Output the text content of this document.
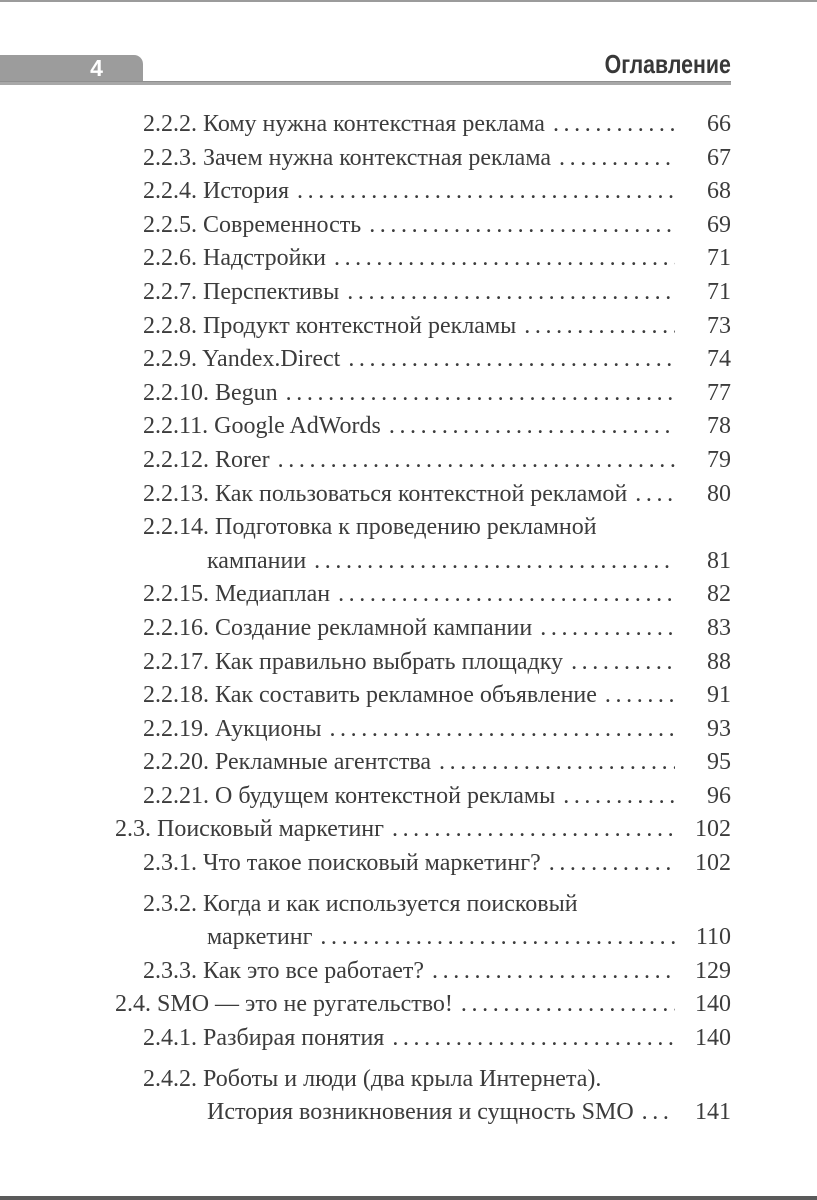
4	Оглавление
2.2.2. Кому нужна контекстная реклама .....	66
2.2.3. Зачем нужна контекстная реклама .....	67
2.2.4. История .....	68
2.2.5. Современность .....	69
2.2.6. Надстройки .....	71
2.2.7. Перспективы .....	71
2.2.8. Продукт контекстной рекламы .....	73
2.2.9. Yandex.Direct .....	74
2.2.10. Begun .....	77
2.2.11. Google AdWords .....	78
2.2.12. Rorer .....	79
2.2.13. Как пользоваться контекстной рекламой .....	80
2.2.14. Подготовка к проведению рекламной
кампании .....	81
2.2.15. Медиаплан .....	82
2.2.16. Создание рекламной кампании .....	83
2.2.17. Как правильно выбрать площадку .....	88
2.2.18. Как составить рекламное объявление .....	91
2.2.19. Аукционы .....	93
2.2.20. Рекламные агентства .....	95
2.2.21. О будущем контекстной рекламы .....	96
2.3. Поисковый маркетинг .....	102
2.3.1. Что такое поисковый маркетинг? .....	102
2.3.2. Когда и как используется поисковый
маркетинг .....	110
2.3.3. Как это все работает? .....	129
2.4. SMO — это не ругательство! .....	140
2.4.1. Разбирая понятия .....	140
2.4.2. Роботы и люди (два крыла Интернета).
История возникновения и сущность SMO .....	141
